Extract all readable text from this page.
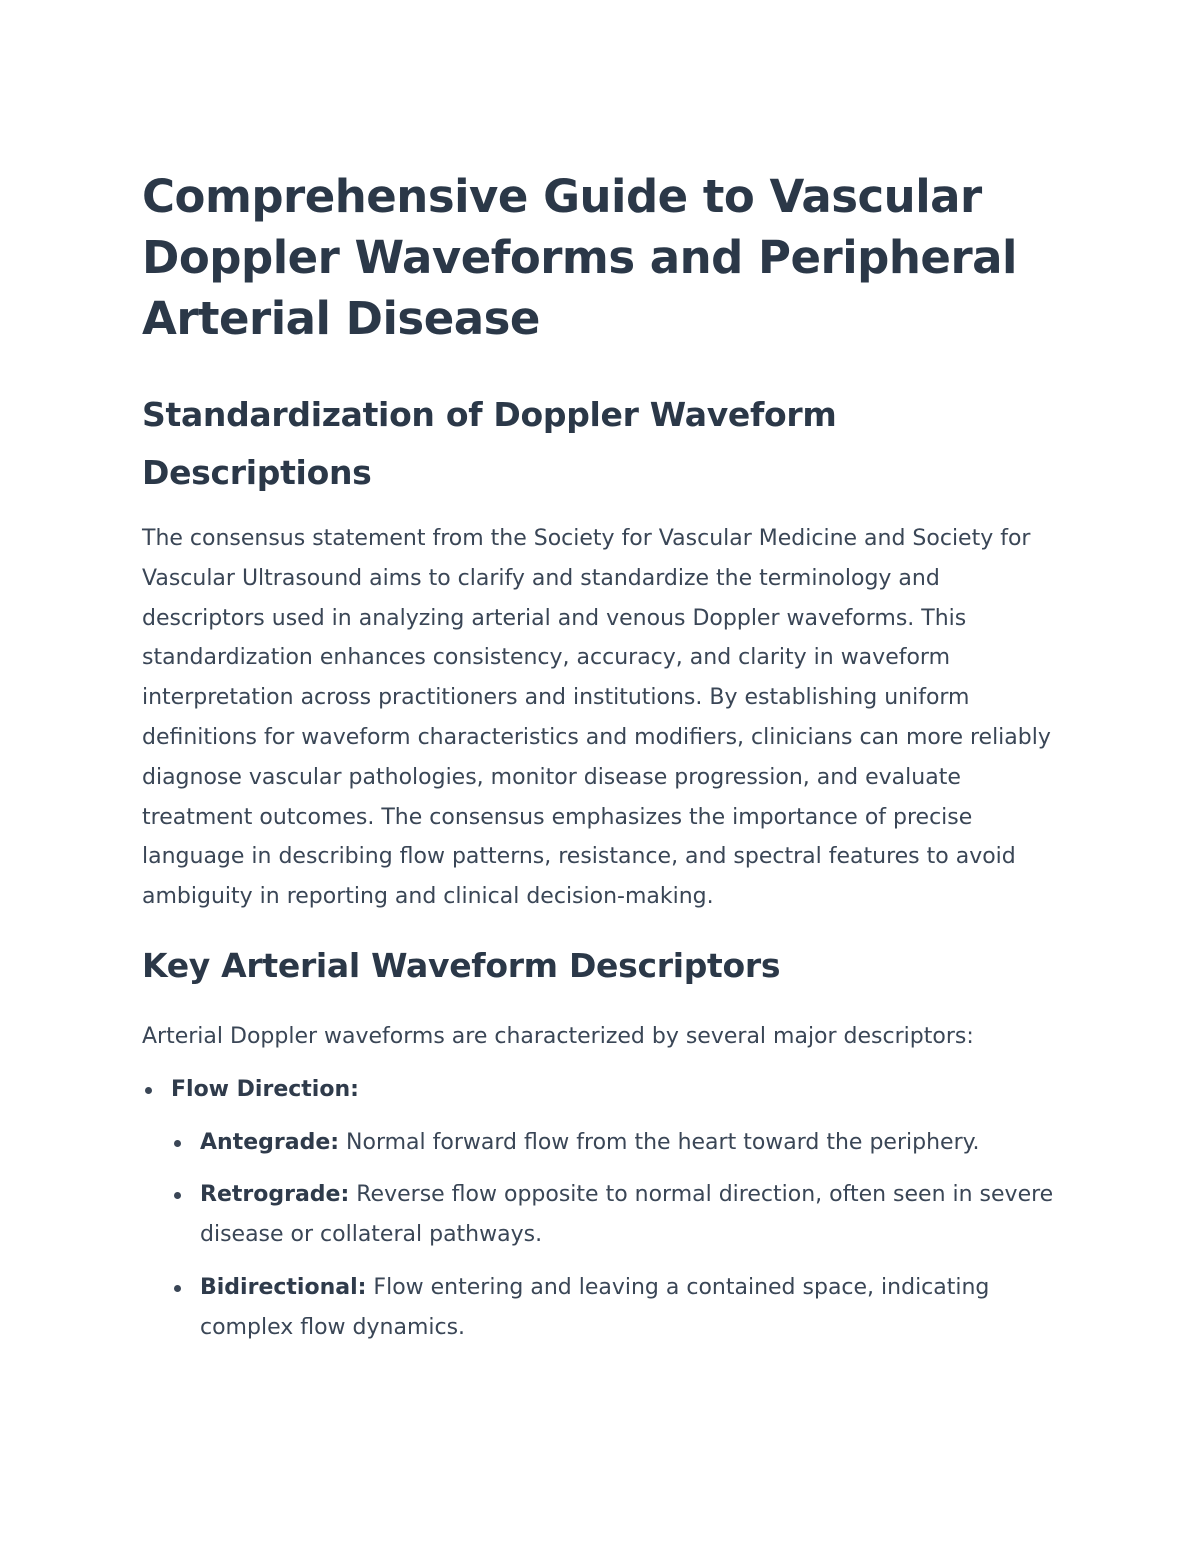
Comprehensive Guide to Vascular Doppler Waveforms and Peripheral Arterial Disease
Standardization of Doppler Waveform Descriptions

The consensus statement from the Society for Vascular Medicine and Society for Vascular Ultrasound aims to clarify and standardize the terminology and descriptors used in analyzing arterial and venous Doppler waveforms. This standardization enhances consistency, accuracy, and clarity in waveform interpretation across practitioners and institutions. By establishing uniform definitions for waveform characteristics and modifiers, clinicians can more reliably diagnose vascular pathologies, monitor disease progression, and evaluate treatment outcomes. The consensus emphasizes the importance of precise language in describing flow patterns, resistance, and spectral features to avoid ambiguity in reporting and clinical decision-making.

Key Arterial Waveform Descriptors

Arterial Doppler waveforms are characterized by several major descriptors:

Flow Direction:
Antegrade: Normal forward flow from the heart toward the periphery.
Retrograde: Reverse flow opposite to normal direction, often seen in severe disease or collateral pathways.
Bidirectional: Flow entering and leaving a contained space, indicating complex flow dynamics.
